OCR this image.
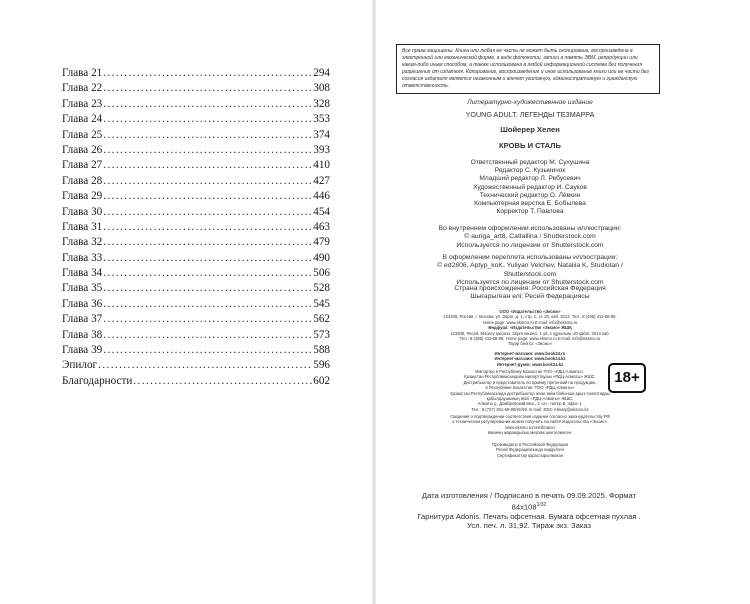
Глава 21 .....	294
Глава 22 .....	308
Глава 23 .....	328
Глава 24 .....	353
Глава 25 .....	374
Глава 26 .....	393
Глава 27 .....	410
Глава 28 .....	427
Глава 29 .....	446
Глава 30 .....	454
Глава 31 .....	463
Глава 32 .....	479
Глава 33 .....	490
Глава 34 .....	506
Глава 35 .....	528
Глава 36 .....	545
Глава 37 .....	562
Глава 38 .....	573
Глава 39 .....	588
Эпилог .....	596
Благодарности .....	602
Все права защищены. Книга или любая ее часть не может быть скопирована, воспроизведена в электронной или механической форме, в виде фотокопии, записи в память ЭВМ, репродукции или каким-либо иным способом, а также использована в любой информационной системе без получения разрешения от издателя. Копирование, воспроизведение и иное использование книги или ее части без согласия издателя является незаконным и влечет уголовную, административную и гражданскую ответственность.
Литературно-художественное издание
YOUNG ADULT. ЛЕГЕНДЫ ТЕЗМАРРА
Шойерер Хелен
КРОВЬ И СТАЛЬ
Ответственный редактор М. Сухушина
Редактор С. Кузьмичок
Младший редактор Л. Ребусевич
Художественный редактор И. Сауков
Технический редактор О. Лёвкин
Компьютерная верстка Е. Бобылева
Корректор Т. Павлова
Во внутреннем оформлении использованы иллюстрации:
© auriga_art8, Cattallina / Shutterstock.com
Используется по лицензии от Shutterstock.com
В оформлении переплета использованы иллюстрации:
© ed2806, Aptyp_koK, Yuliyan Velchev, Nataliia K, Studiotan / Shutterstock.com
Используется по лицензии от Shutterstock.com
Страна происхождения: Российская Федерация
Шығарылған елі: Ресей Федерациясы
ООО «Издательство «Эксмо»
123308, Россия, г. Москва, ул. Зорге, д. 1, стр. 1, эт. 20, каб. 2013. Тел.: 8 (495) 411-68-86.
Home page: www.eksmo.ru E-mail: info@eksmo.ru
Өндіруші: «Издательство «Эксмо» ЖШҚ
123308, Ресей, Мәскеу қаласы, Зорге көшесі, 1 үй, 1 құрылым, 20 қабат, 2013 каб.
Тел.: 8 (495) 411-68-86. Home page: www.eksmo.ru E-mail: info@eksmo.ru
Тауар белгісі: «Эксмо»
Интернет-магазин: www.book24.ru
Интернет-магазин: www.book24.kz
Интернет-дүкен: www.book24.kz
18+
Импортер в Республику Казахстан ТОО «РДЦ-Алматы».
Қазақстан Республикасындағы импорттаушы «РДЦ-Алматы» ЖШС.
Дистрибьютор и представитель по приему претензий на продукцию,
в Республике Казахстан: ТОО «РДЦ-Алматы»
Қазақстан Республикасында дистрибьютор және өнім бойынша арыз-талаптарды
қабылдаушының өкілі «РДЦ-Алматы» ЖШС,
Алматы қ., Домбровский көш., 3 «а», литер Б, офис 1.
Тел.: 8 (727) 251-59-90/91/92. E-mail: RDC-Almaty@eksmo.kz
Сведения о подтверждении соответствия издания согласно законодательству РФ
о техническом регулировании можно получить на сайте Издательства «Эксмо»:
www.eksmo.ru/certification
Өнімнің жарамдылық мерзімі шектелмеген.
Произведено в Российской Федерации
Ресей Федерациясында өндірілген
Сертификаттау қарастырылмаған
Дата изготовления / Подписано в печать 09.09.2025. Формат $84x108^{1/32}$
Гарнитура Adonis. Печать офсетная. Бумага офсетная пухлая .
Усл. печ. л. 31,92. Тираж экз. Заказ
